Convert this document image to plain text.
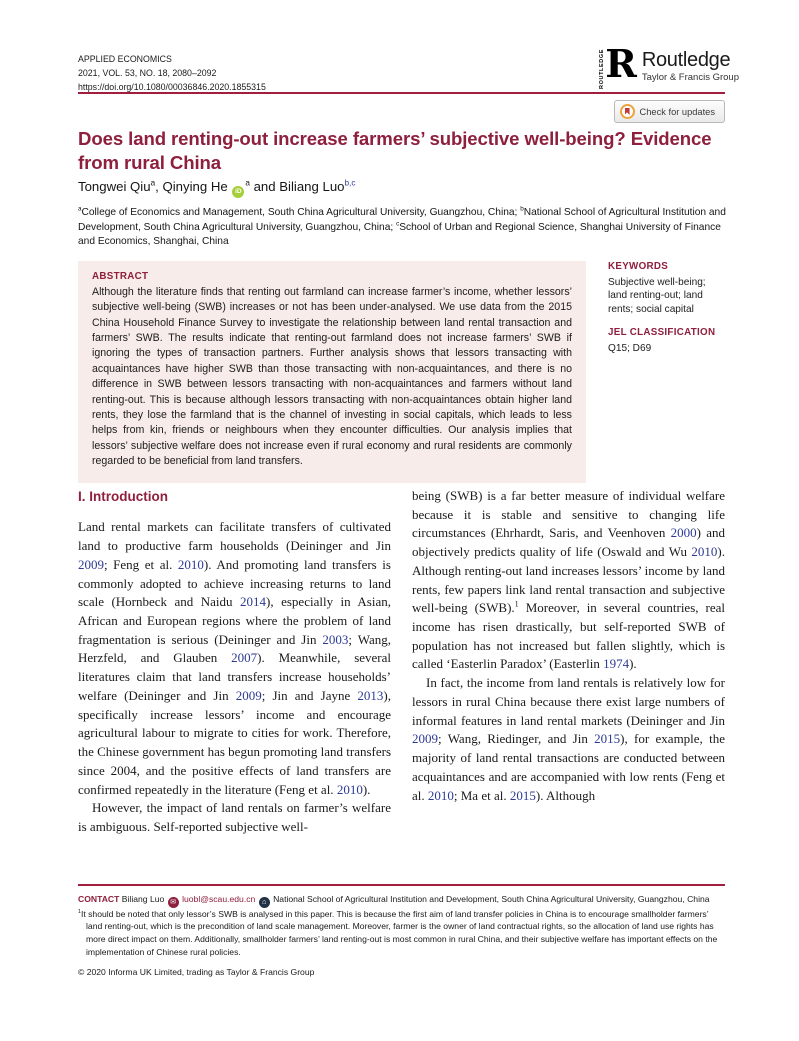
APPLIED ECONOMICS
2021, VOL. 53, NO. 18, 2080–2092
https://doi.org/10.1080/00036846.2020.1855315	ROUTLEDGE R Routledge
Taylor & Francis Group
Check for updates
Does land renting-out increase farmers’ subjective well-being? Evidence from rural China
Tongwei Qiu$^a$, Qinying He $iD^a$ and Biliang Luo$^{b,c}$
$^a$College of Economics and Management, South China Agricultural University, Guangzhou, China; $^b$National School of Agricultural Institution and Development, South China Agricultural University, Guangzhou, China; $^c$School of Urban and Regional Science, Shanghai University of Finance and Economics, Shanghai, China
ABSTRACT
Although the literature finds that renting out farmland can increase farmer’s income, whether lessors’ subjective well-being (SWB) increases or not has been under-analysed. We use data from the 2015 China Household Finance Survey to investigate the relationship between land rental transaction and farmers’ SWB. The results indicate that renting-out farmland does not increase farmers’ SWB if ignoring the types of transaction partners. Further analysis shows that lessors transacting with acquaintances have higher SWB than those transacting with non-acquaintances, and there is no difference in SWB between lessors transacting with non-acquaintances and farmers without land renting-out. This is because although lessors transacting with non-acquaintances obtain higher land rents, they lose the farmland that is the channel of investing in social capitals, which leads to less helps from kin, friends or neighbours when they encounter difficulties. Our analysis implies that lessors’ subjective welfare does not increase even if rural economy and rural residents are commonly regarded to be beneficial from land transfers.
KEYWORDS
Subjective well-being; land renting-out; land rents; social capital
JEL CLASSIFICATION
Q15; D69
I. Introduction

Land rental markets can facilitate transfers of cultivated land to productive farm households (Deininger and Jin 2009; Feng et al. 2010). And promoting land transfers is commonly adopted to achieve increasing returns to land scale (Hornbeck and Naidu 2014), especially in Asian, African and European regions where the problem of land fragmentation is serious (Deininger and Jin 2003; Wang, Herzfeld, and Glauben 2007). Meanwhile, several literatures claim that land transfers increase households’ welfare (Deininger and Jin 2009; Jin and Jayne 2013), specifically increase lessors’ income and encourage agricultural labour to migrate to cities for work. Therefore, the Chinese government has begun promoting land transfers since 2004, and the positive effects of land transfers are confirmed repeatedly in the literature (Feng et al. 2010).

However, the impact of land rentals on farmer’s welfare is ambiguous. Self-reported subjective well-

being (SWB) is a far better measure of individual welfare because it is stable and sensitive to changing life circumstances (Ehrhardt, Saris, and Veenhoven 2000) and objectively predicts quality of life (Oswald and Wu 2010). Although renting-out land increases lessors’ income by land rents, few papers link land rental transaction and subjective well-being (SWB).$^1$ Moreover, in several countries, real income has risen drastically, but self-reported SWB of population has not increased but fallen slightly, which is called ‘Easterlin Paradox’ (Easterlin 1974).

In fact, the income from land rentals is relatively low for lessors in rural China because there exist large numbers of informal features in land rental markets (Deininger and Jin 2009; Wang, Riedinger, and Jin 2015), for example, the majority of land rental transactions are conducted between acquaintances and are accompanied with low rents (Feng et al. 2010; Ma et al. 2015). Although

CONTACT Biliang Luo ✉ luobl@scau.edu.cn ⌂ National School of Agricultural Institution and Development, South China Agricultural University, Guangzhou, China
$^1$It should be noted that only lessor’s SWB is analysed in this paper. This is because the first aim of land transfer policies in China is to encourage smallholder farmers’ land renting-out, which is the precondition of land scale management. Moreover, farmer is the owner of land contractual rights, so the allocation of land use rights has more direct impact on them. Additionally, smallholder farmers’ land renting-out is most common in rural China, and their subjective welfare has important effects on the implementation of Chinese rural policies.
© 2020 Informa UK Limited, trading as Taylor & Francis Group
